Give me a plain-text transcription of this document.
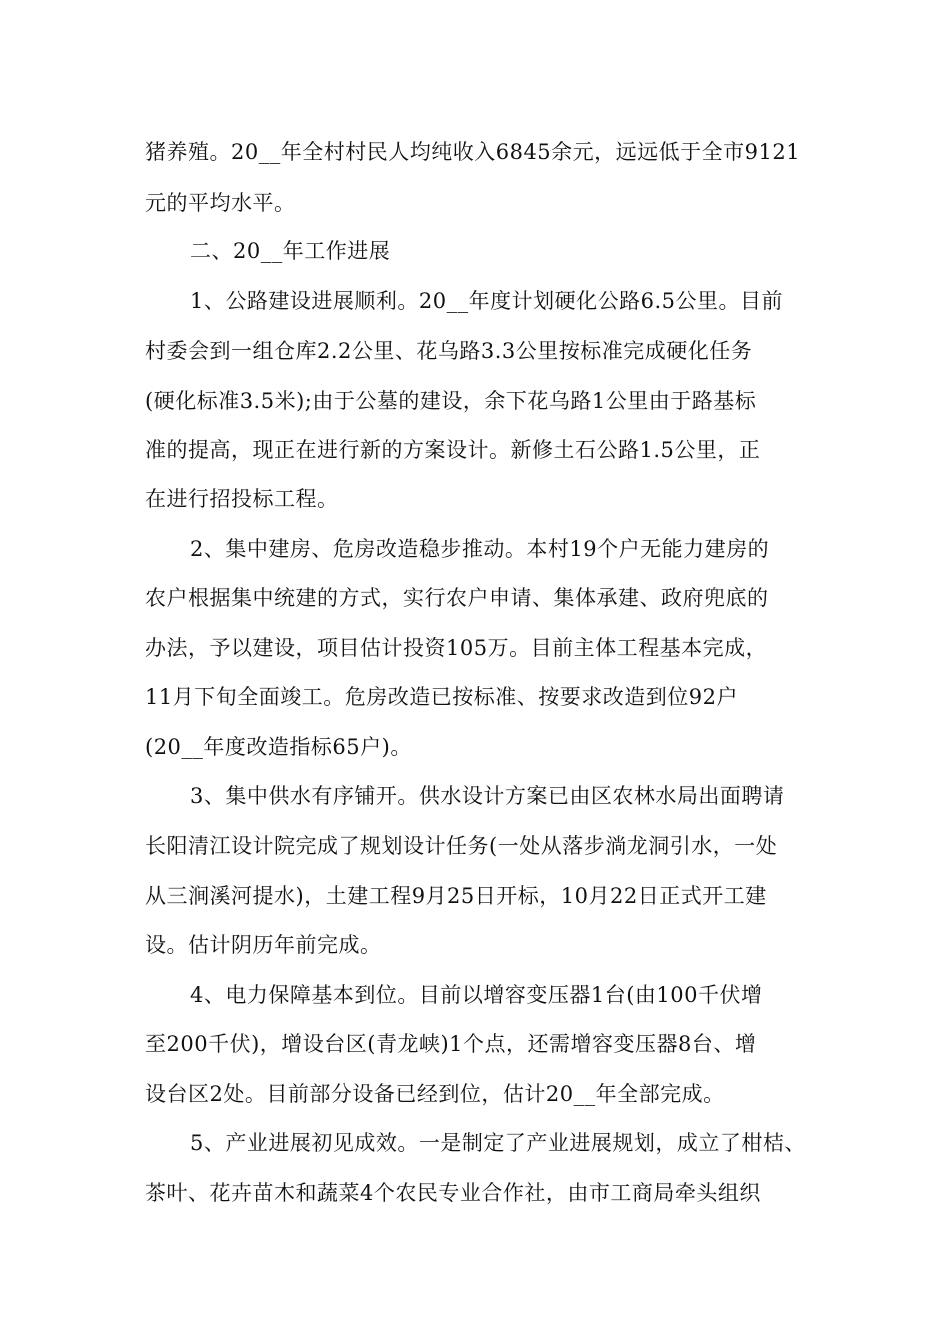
猪养殖。20__年全村村民人均纯收入6845余元，远远低于全市9121
元的平均水平。
二、20__年工作进展
1、公路建设进展顺利。20__年度计划硬化公路6.5公里。目前
村委会到一组仓库2.2公里、花乌路3.3公里按标准完成硬化任务
(硬化标准3.5米);由于公墓的建设，余下花乌路1公里由于路基标
准的提高，现正在进行新的方案设计。新修土石公路1.5公里，正
在进行招投标工程。
2、集中建房、危房改造稳步推动。本村19个户无能力建房的
农户根据集中统建的方式，实行农户申请、集体承建、政府兜底的
办法，予以建设，项目估计投资105万。目前主体工程基本完成，
11月下旬全面竣工。危房改造已按标准、按要求改造到位92户
(20__年度改造指标65户)。
3、集中供水有序铺开。供水设计方案已由区农林水局出面聘请
长阳清江设计院完成了规划设计任务(一处从落步淌龙洞引水，一处
从三涧溪河提水)，土建工程9月25日开标，10月22日正式开工建
设。估计阴历年前完成。
4、电力保障基本到位。目前以增容变压器1台(由100千伏增
至200千伏)，增设台区(青龙峡)1个点，还需增容变压器8台、增
设台区2处。目前部分设备已经到位，估计20__年全部完成。
5、产业进展初见成效。一是制定了产业进展规划，成立了柑桔、
茶叶、花卉苗木和蔬菜4个农民专业合作社，由市工商局牵头组织
